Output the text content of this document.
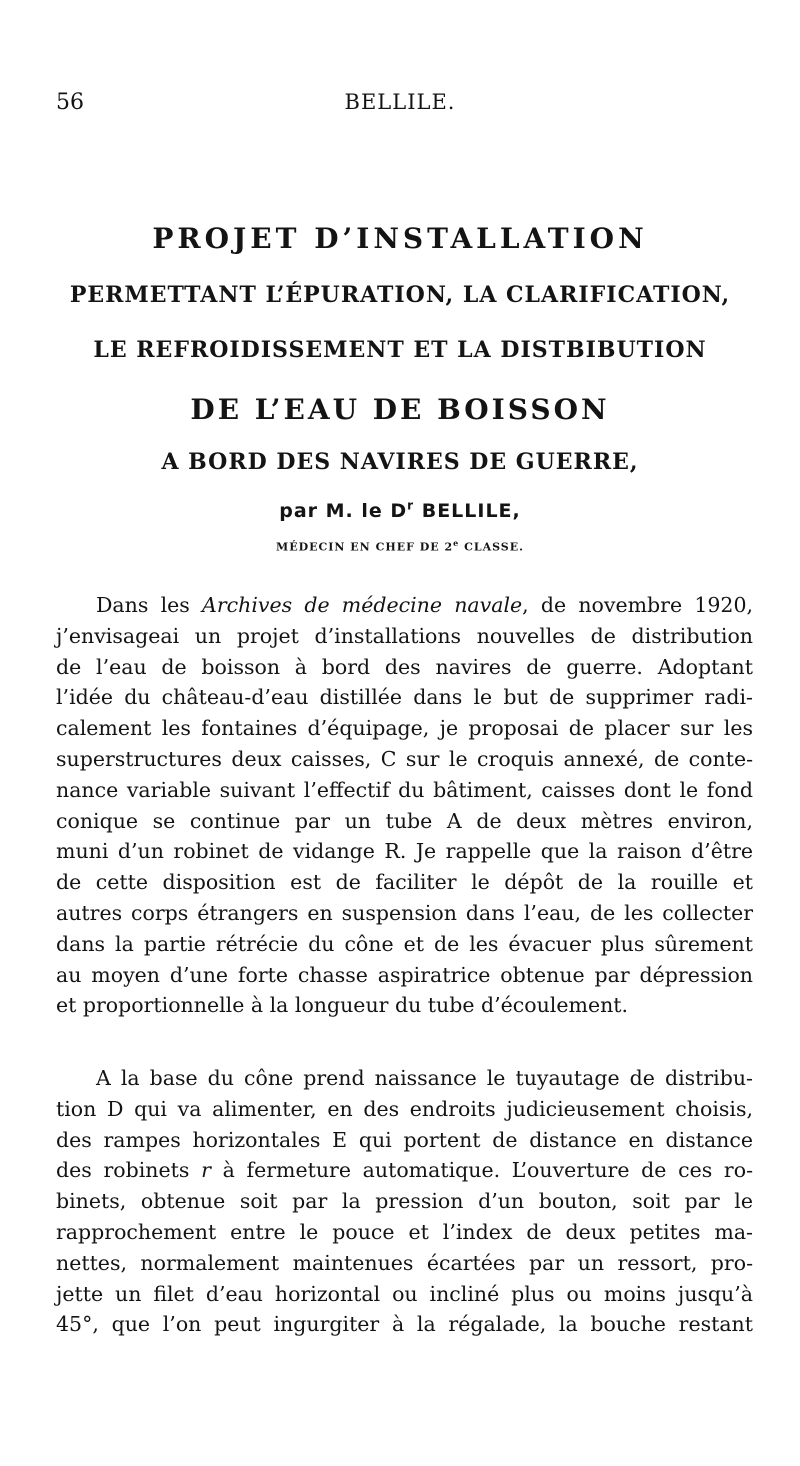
56	BELLILE.
PROJET D’INSTALLATION
PERMETTANT L’ÉPURATION, LA CLARIFICATION,
LE REFROIDISSEMENT ET LA DISTBIBUTION
DE L’EAU DE BOISSON
A BORD DES NAVIRES DE GUERRE,
par M. le $D^r$ BELLILE,
MÉDECIN EN CHEF DE 2e CLASSE.
Dans les Archives de médecine navale, de novembre 1920,
j’envisageai un projet d’installations nouvelles de distribution
de l’eau de boisson à bord des navires de guerre. Adoptant
l’idée du château-d’eau distillée dans le but de supprimer radi-
calement les fontaines d’équipage, je proposai de placer sur les
superstructures deux caisses, C sur le croquis annexé, de conte-
nance variable suivant l’effectif du bâtiment, caisses dont le fond
conique se continue par un tube A de deux mètres environ,
muni d’un robinet de vidange R. Je rappelle que la raison d’être
de cette disposition est de faciliter le dépôt de la rouille et
autres corps étrangers en suspension dans l’eau, de les collecter
dans la partie rétrécie du cône et de les évacuer plus sûrement
au moyen d’une forte chasse aspiratrice obtenue par dépression
et proportionnelle à la longueur du tube d’écoulement.
A la base du cône prend naissance le tuyautage de distribu-
tion D qui va alimenter, en des endroits judicieusement choisis,
des rampes horizontales E qui portent de distance en distance
des robinets r à fermeture automatique. L’ouverture de ces ro-
binets, obtenue soit par la pression d’un bouton, soit par le
rapprochement entre le pouce et l’index de deux petites ma-
nettes, normalement maintenues écartées par un ressort, pro-
jette un filet d’eau horizontal ou incliné plus ou moins jusqu’à
45°, que l’on peut ingurgiter à la régalade, la bouche restant
